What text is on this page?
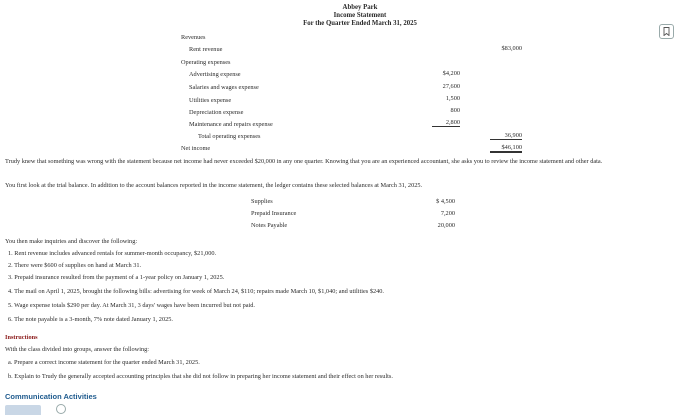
Abbey Park
Income Statement
For the Quarter Ended March 31, 2025
Revenues
Rent revenue	$83,000
Operating expenses
Advertising expense	$4,200
Salaries and wages expense	27,600
Utilities expense	1,500
Depreciation expense	800
Maintenance and repairs expense	2,800
Total operating expenses	36,900
Net income	$46,100
Trudy knew that something was wrong with the statement because net income had never exceeded $20,000 in any one quarter. Knowing that you are an experienced accountant, she asks you to review the income statement and other data.
You first look at the trial balance. In addition to the account balances reported in the income statement, the ledger contains these selected balances at March 31, 2025.
Supplies	$ 4,500
Prepaid Insurance	7,200
Notes Payable	20,000
You then make inquiries and discover the following:
1. Rent revenue includes advanced rentals for summer-month occupancy, $21,000.
2. There were $600 of supplies on hand at March 31.
3. Prepaid insurance resulted from the payment of a 1-year policy on January 1, 2025.
4. The mail on April 1, 2025, brought the following bills: advertising for week of March 24, $110; repairs made March 10, $1,040; and utilities $240.
5. Wage expense totals $290 per day. At March 31, 3 days' wages have been incurred but not paid.
6. The note payable is a 3-month, 7% note dated January 1, 2025.
Instructions
With the class divided into groups, answer the following:
a. Prepare a correct income statement for the quarter ended March 31, 2025.
b. Explain to Trudy the generally accepted accounting principles that she did not follow in preparing her income statement and their effect on her results.
Communication Activities
